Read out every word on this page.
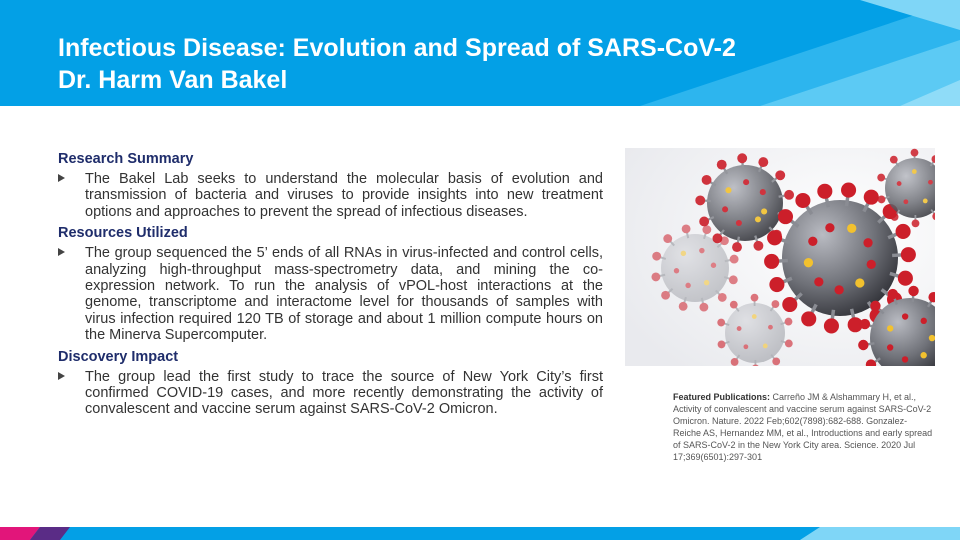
Infectious Disease: Evolution and Spread of SARS-CoV-2
Dr. Harm Van Bakel
Research Summary
The Bakel Lab seeks to understand the molecular basis of evolution and transmission of bacteria and viruses to provide insights into new treatment options and approaches to prevent the spread of infectious diseases.
Resources Utilized
The group sequenced the 5’ ends of all RNAs in virus-infected and control cells, analyzing high-throughput mass-spectrometry data, and mining the co-expression network. To run the analysis of vPOL-host interactions at the genome, transcriptome and interactome level for thousands of samples with virus infection required 120 TB of storage and about 1 million compute hours on the Minerva Supercomputer.
Discovery Impact
The group lead the first study to trace the source of New York City’s first confirmed COVID-19 cases, and more recently demonstrating the activity of convalescent and vaccine serum against SARS-CoV-2 Omicron.
Featured Publications: Carreño JM & Alshammary H, et al., Activity of convalescent and vaccine serum against SARS-CoV-2 Omicron. Nature. 2022 Feb;602(7898):682-688. Gonzalez-Reiche AS, Hernandez MM, et al., Introductions and early spread of SARS-CoV-2 in the New York City area. Science. 2020 Jul 17;369(6501):297-301
